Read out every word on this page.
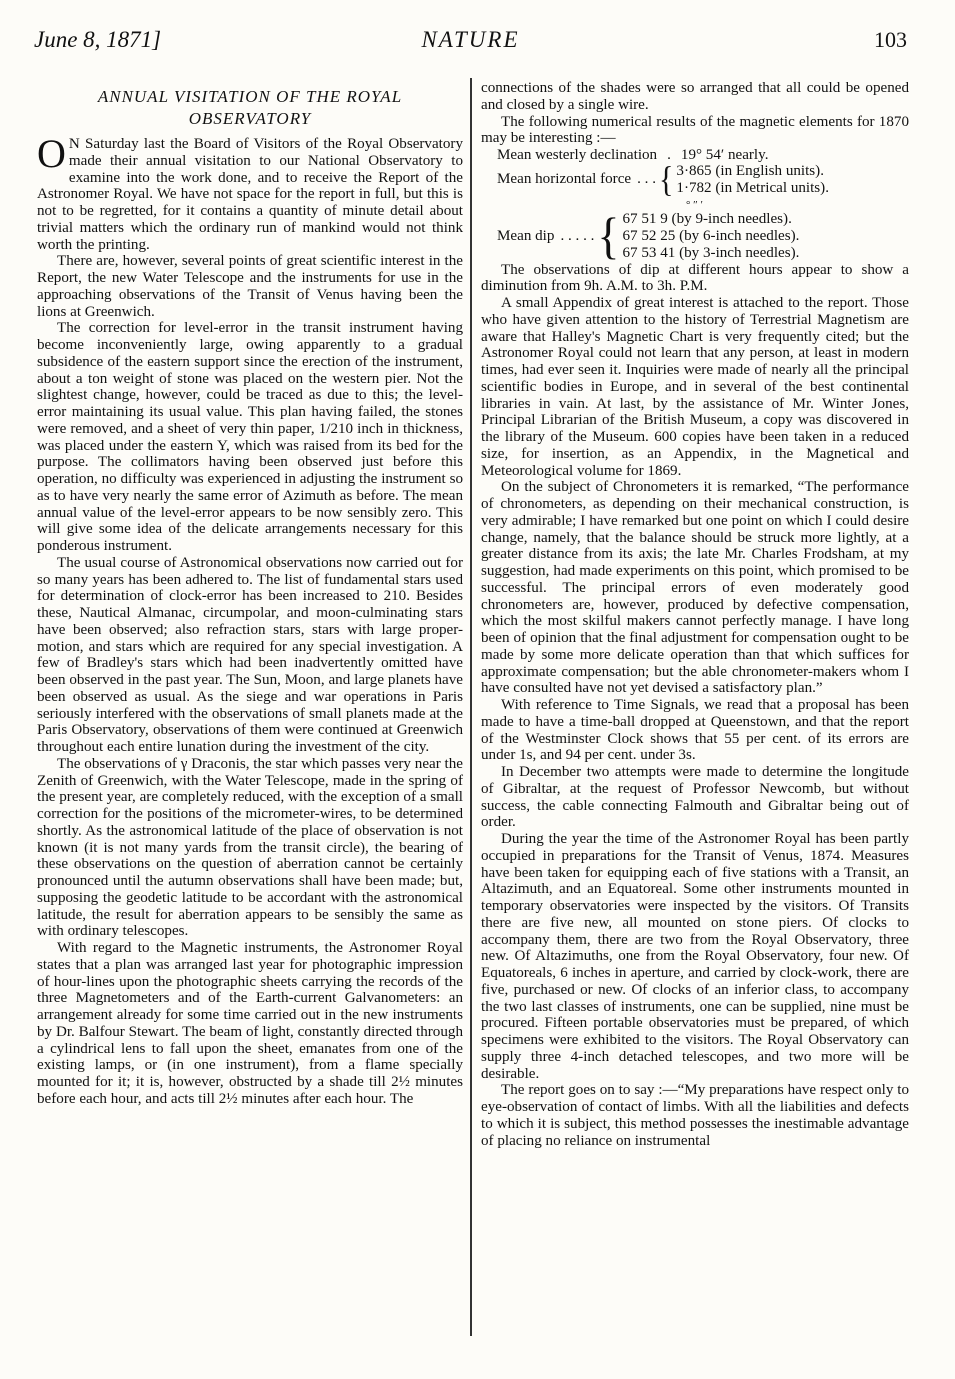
June 8, 1871]	NATURE	103
ANNUAL VISITATION OF THE ROYAL
OBSERVATORY

O N Saturday last the Board of Visitors of the Royal Observatory made their annual visitation to our National Observatory to examine into the work done, and to receive the Report of the Astronomer Royal. We have not space for the report in full, but this is not to be regretted, for it contains a quantity of minute detail about trivial matters which the ordinary run of mankind would not think worth the printing.

There are, however, several points of great scientific interest in the Report, the new Water Telescope and the instruments for use in the approaching observations of the Transit of Venus having been the lions at Greenwich.

The correction for level-error in the transit instrument having become inconveniently large, owing apparently to a gradual subsidence of the eastern support since the erection of the instrument, about a ton weight of stone was placed on the western pier. Not the slightest change, however, could be traced as due to this; the level-error maintaining its usual value. This plan having failed, the stones were removed, and a sheet of very thin paper, 1/210 inch in thickness, was placed under the eastern Y, which was raised from its bed for the purpose. The collimators having been observed just before this operation, no difficulty was experienced in adjusting the instrument so as to have very nearly the same error of Azimuth as before. The mean annual value of the level-error appears to be now sensibly zero. This will give some idea of the delicate arrangements necessary for this ponderous instrument.

The usual course of Astronomical observations now carried out for so many years has been adhered to. The list of fundamental stars used for determination of clock-error has been increased to 210. Besides these, Nautical Almanac, circumpolar, and moon-culminating stars have been observed; also refraction stars, stars with large proper-motion, and stars which are required for any special investigation. A few of Bradley's stars which had been inadvertently omitted have been observed in the past year. The Sun, Moon, and large planets have been observed as usual. As the siege and war operations in Paris seriously interfered with the observations of small planets made at the Paris Observatory, observations of them were continued at Greenwich throughout each entire lunation during the investment of the city.

The observations of γ Draconis, the star which passes very near the Zenith of Greenwich, with the Water Telescope, made in the spring of the present year, are completely reduced, with the exception of a small correction for the positions of the micrometer-wires, to be determined shortly. As the astronomical latitude of the place of observation is not known (it is not many yards from the transit circle), the bearing of these observations on the question of aberration cannot be certainly pronounced until the autumn observations shall have been made; but, supposing the geodetic latitude to be accordant with the astronomical latitude, the result for aberration appears to be sensibly the same as with ordinary telescopes.

With regard to the Magnetic instruments, the Astronomer Royal states that a plan was arranged last year for photographic impression of hour-lines upon the photographic sheets carrying the records of the three Magnetometers and of the Earth-current Galvanometers: an arrangement already for some time carried out in the new instruments by Dr. Balfour Stewart. The beam of light, constantly directed through a cylindrical lens to fall upon the sheet, emanates from one of the existing lamps, or (in one instrument), from a flame specially mounted for it; it is, however, obstructed by a shade till 2½ minutes before each hour, and acts till 2½ minutes after each hour. The

connections of the shades were so arranged that all could be opened and closed by a single wire.

The following numerical results of the magnetic elements for 1870 may be interesting :—

Mean westerly declination . 19° 54′ nearly.
Mean horizontal force . . . { 3·865 (in English units).
1·782 (in Metrical units).
° ″ ′
Mean dip . . . . . { 67 51 9 (by 9-inch needles).
67 52 25 (by 6-inch needles).
67 53 41 (by 3-inch needles).

The observations of dip at different hours appear to show a diminution from 9h. A.M. to 3h. P.M.

A small Appendix of great interest is attached to the report. Those who have given attention to the history of Terrestrial Magnetism are aware that Halley's Magnetic Chart is very frequently cited; but the Astronomer Royal could not learn that any person, at least in modern times, had ever seen it. Inquiries were made of nearly all the principal scientific bodies in Europe, and in several of the best continental libraries in vain. At last, by the assistance of Mr. Winter Jones, Principal Librarian of the British Museum, a copy was discovered in the library of the Museum. 600 copies have been taken in a reduced size, for insertion, as an Appendix, in the Magnetical and Meteorological volume for 1869.

On the subject of Chronometers it is remarked, “The performance of chronometers, as depending on their mechanical construction, is very admirable; I have remarked but one point on which I could desire change, namely, that the balance should be struck more lightly, at a greater distance from its axis; the late Mr. Charles Frodsham, at my suggestion, had made experiments on this point, which promised to be successful. The principal errors of even moderately good chronometers are, however, produced by defective compensation, which the most skilful makers cannot perfectly manage. I have long been of opinion that the final adjustment for compensation ought to be made by some more delicate operation than that which suffices for approximate compensation; but the able chronometer-makers whom I have consulted have not yet devised a satisfactory plan.”

With reference to Time Signals, we read that a proposal has been made to have a time-ball dropped at Queenstown, and that the report of the Westminster Clock shows that 55 per cent. of its errors are under 1s, and 94 per cent. under 3s.

In December two attempts were made to determine the longitude of Gibraltar, at the request of Professor Newcomb, but without success, the cable connecting Falmouth and Gibraltar being out of order.

During the year the time of the Astronomer Royal has been partly occupied in preparations for the Transit of Venus, 1874. Measures have been taken for equipping each of five stations with a Transit, an Altazimuth, and an Equatoreal. Some other instruments mounted in temporary observatories were inspected by the visitors. Of Transits there are five new, all mounted on stone piers. Of clocks to accompany them, there are two from the Royal Observatory, three new. Of Altazimuths, one from the Royal Observatory, four new. Of Equatoreals, 6 inches in aperture, and carried by clock-work, there are five, purchased or new. Of clocks of an inferior class, to accompany the two last classes of instruments, one can be supplied, nine must be procured. Fifteen portable observatories must be prepared, of which specimens were exhibited to the visitors. The Royal Observatory can supply three 4-inch detached telescopes, and two more will be desirable.

The report goes on to say :—“My preparations have respect only to eye-observation of contact of limbs. With all the liabilities and defects to which it is subject, this method possesses the inestimable advantage of placing no reliance on instrumental
